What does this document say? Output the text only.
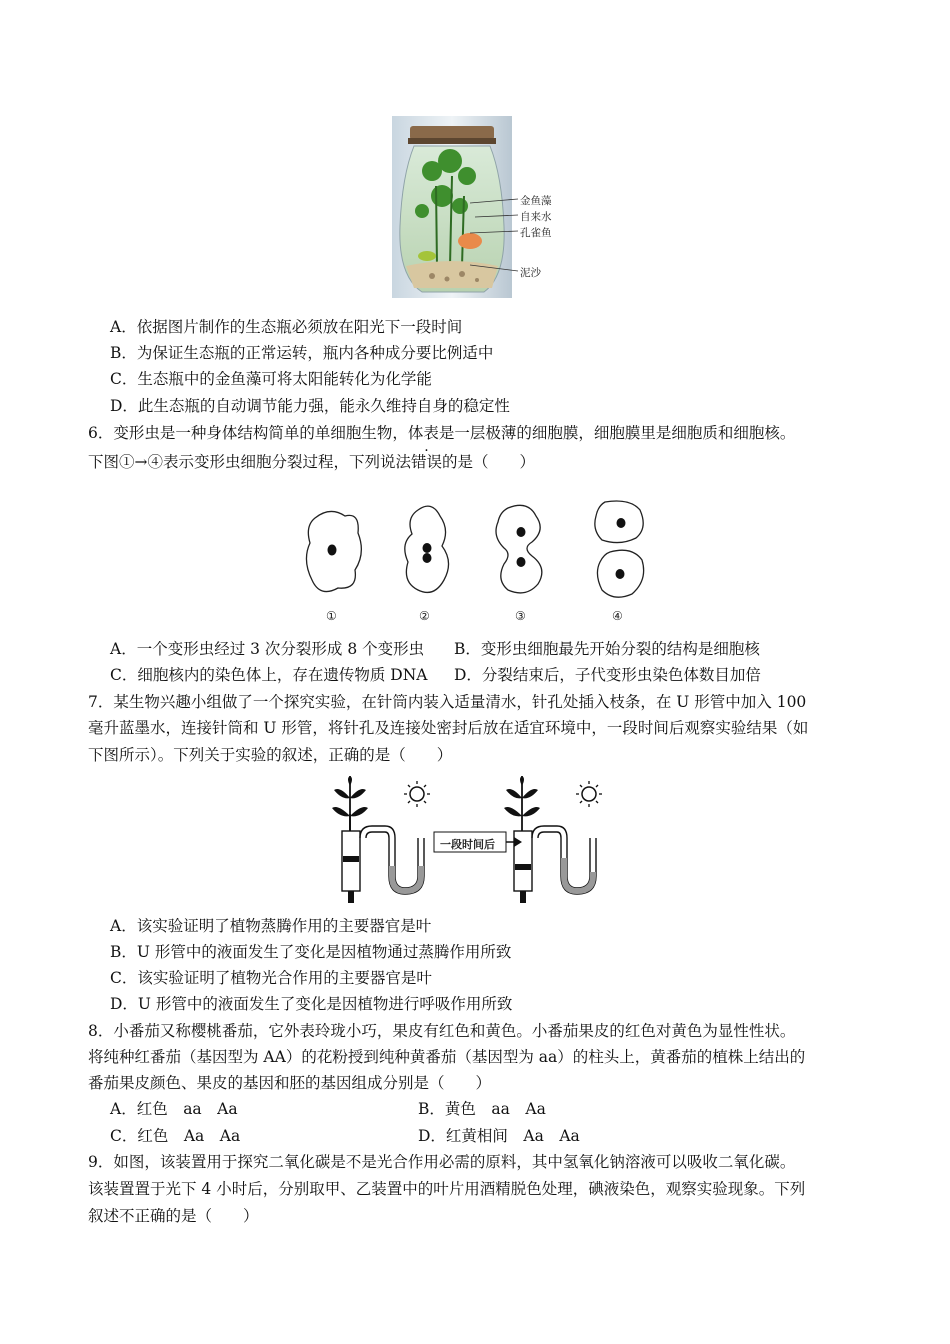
金鱼藻
自来水
孔雀鱼
泥沙
A．依据图片制作的生态瓶必须放在阳光下一段时间
B．为保证生态瓶的正常运转，瓶内各种成分要比例适中
C．生态瓶中的金鱼藻可将太阳能转化为化学能
D．此生态瓶的自动调节能力强，能永久维持自身的稳定性
6．变形虫是一种身体结构简单的单细胞生物，体表是一层极薄的细胞膜，细胞膜里是细胞质和细胞核。
下图①→④表示变形虫细胞分裂过程，下列说法错误的是（　　）
①	②	③	④
A．一个变形虫经过 3 次分裂形成 8 个变形虫 B．变形虫细胞最先开始分裂的结构是细胞核
C．细胞核内的染色体上，存在遗传物质 DNA D．分裂结束后，子代变形虫染色体数目加倍
7．某生物兴趣小组做了一个探究实验，在针筒内装入适量清水，针孔处插入枝条，在 U 形管中加入 100
毫升蓝墨水，连接针筒和 U 形管，将针孔及连接处密封后放在适宜环境中，一段时间后观察实验结果（如
下图所示）。下列关于实验的叙述，正确的是（　　）
一段时间后
A．该实验证明了植物蒸腾作用的主要器官是叶
B．U 形管中的液面发生了变化是因植物通过蒸腾作用所致
C．该实验证明了植物光合作用的主要器官是叶
D．U 形管中的液面发生了变化是因植物进行呼吸作用所致
8．小番茄又称樱桃番茄，它外表玲珑小巧，果皮有红色和黄色。小番茄果皮的红色对黄色为显性性状。
将纯种红番茄（基因型为 AA）的花粉授到纯种黄番茄（基因型为 aa）的柱头上，黄番茄的植株上结出的
番茄果皮颜色、果皮的基因和胚的基因组成分别是（　　）
A．红色　aa　Aa	B．黄色　aa　Aa
C．红色　Aa　Aa	D．红黄相间　Aa　Aa
9．如图，该装置用于探究二氧化碳是不是光合作用必需的原料，其中氢氧化钠溶液可以吸收二氧化碳。
该装置置于光下 4 小时后，分别取甲、乙装置中的叶片用酒精脱色处理，碘液染色，观察实验现象。下列
叙述不正确的是（　　）
